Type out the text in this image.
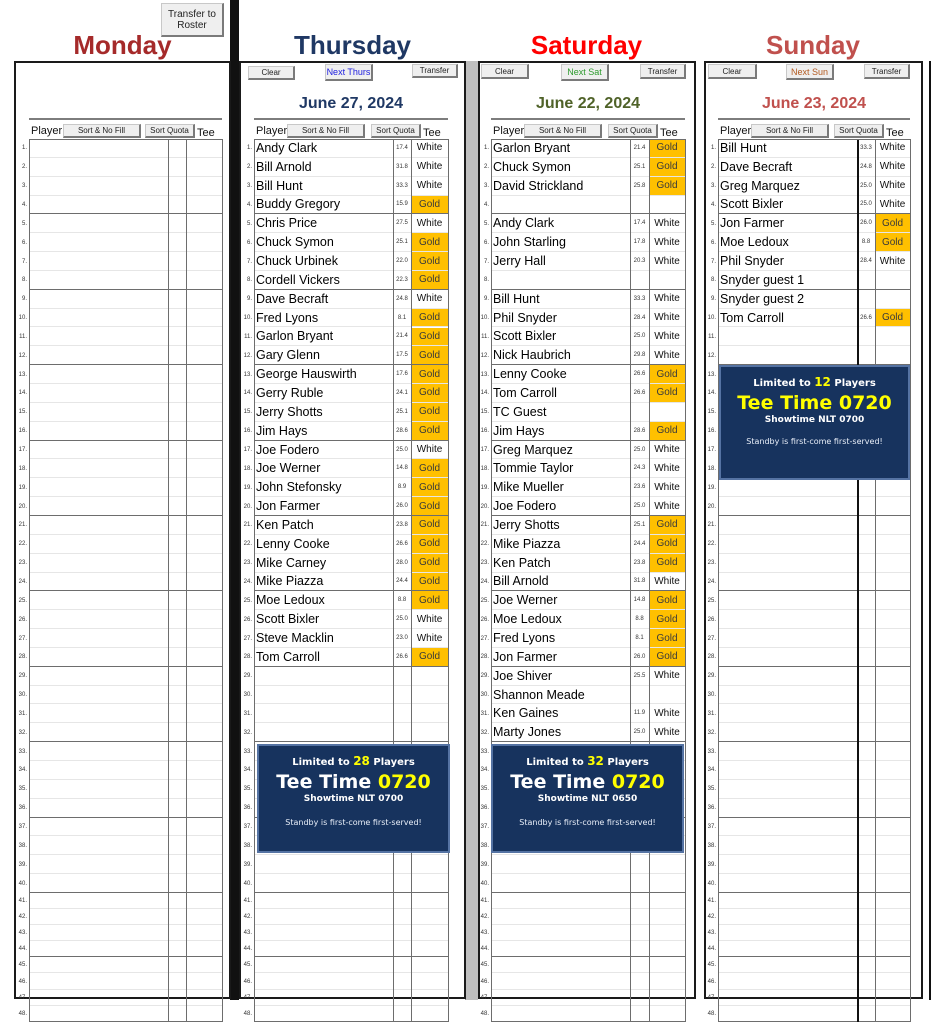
Transfer to
Roster
Monday	Thursday	Saturday	Sunday
Clear	Next Thurs	Transfer	Clear	Next Sat	Transfer	Clear	Next Sun	Transfer
June 27, 2024	June 22, 2024	June 23, 2024
Player Sort & No Fill	Sort Quota Tee	Player Sort & No Fill	Sort Quota Tee	Player Sort & No Fill	Sort Quota Tee	Player Sort & No Fill	Sort Quota Tee
1.
2.
3.
4.
5.
6.
7.
8.
9.
10.
11.
12.
13.
14.
15.
16.
17.
18.
19.
20.
21.
22.
23.
24.
25.
26.
27.
28.
29.
30.
31.
32.
33.
34.
35.
36.
37.
38.
39.
40.
41.
42.
43.
44.
45.
46.
47.
48.
1. Andy Clark	17.4 White
2. Bill Arnold	31.8 White
3. Bill Hunt	33.3 White
4. Buddy Gregory	15.9	Gold
5. Chris Price	27.5 White
6. Chuck Symon	25.1	Gold
7. Chuck Urbinek	22.0	Gold
8. Cordell Vickers	22.3	Gold
9. Dave Becraft	24.8 White
10. Fred Lyons	8.1	Gold
11. Garlon Bryant	21.4	Gold
12. Gary Glenn	17.5	Gold
13. George Hauswirth	17.6	Gold
14. Gerry Ruble	24.1	Gold
15. Jerry Shotts	25.1	Gold
16. Jim Hays	28.6	Gold
17. Joe Fodero	25.0 White
18. Joe Werner	14.8	Gold
19. John Stefonsky	8.9	Gold
20. Jon Farmer	26.0	Gold
21. Ken Patch	23.8	Gold
22. Lenny Cooke	26.6	Gold
23. Mike Carney	28.0	Gold
24. Mike Piazza	24.4	Gold
25. Moe Ledoux	8.8	Gold
26. Scott Bixler	25.0 White
27. Steve Macklin	23.0 White
28. Tom Carroll	26.6	Gold
29.
30.
31.
32.
33.
34.
35.
36.
37.
38.
39.
40.
41.
42.
43.
44.
45.
46.
47.
48.
1. Garlon Bryant	21.4	Gold
2. Chuck Symon	25.1	Gold
3. David Strickland	25.8	Gold
4.
5. Andy Clark	17.4 White
6. John Starling	17.8 White
7. Jerry Hall	20.3 White
8.
9. Bill Hunt	33.3 White
10. Phil Snyder	28.4 White
11. Scott Bixler	25.0 White
12. Nick Haubrich	29.8 White
13. Lenny Cooke	26.6	Gold
14. Tom Carroll	26.6	Gold
15. TC Guest
16. Jim Hays	28.6	Gold
17. Greg Marquez	25.0 White
18. Tommie Taylor	24.3 White
19. Mike Mueller	23.6 White
20. Joe Fodero	25.0 White
21. Jerry Shotts	25.1	Gold
22. Mike Piazza	24.4	Gold
23. Ken Patch	23.8	Gold
24. Bill Arnold	31.8 White
25. Joe Werner	14.8	Gold
26. Moe Ledoux	8.8	Gold
27. Fred Lyons	8.1	Gold
28. Jon Farmer	26.0	Gold
29. Joe Shiver	25.5 White
30. Shannon Meade
31. Ken Gaines	11.9 White
32. Marty Jones	25.0 White
33.
34.
35.
36.
37.
38.
39.
40.
41.
42.
43.
44.
45.
46.
47.
48.
1. Bill Hunt	33.3 White
2. Dave Becraft	24.8 White
3. Greg Marquez	25.0 White
4. Scott Bixler	25.0 White
5. Jon Farmer	26.0	Gold
6. Moe Ledoux	8.8	Gold
7. Phil Snyder	28.4 White
8. Snyder guest 1
9. Snyder guest 2
10. Tom Carroll	26.6	Gold
11.
12.
13.
14.
15.
16.
17.
18.
19.
20.
21.
22.
23.
24.
25.
26.
27.
28.
29.
30.
31.
32.
33.
34.
35.
36.
37.
38.
39.
40.
41.
42.
43.
44.
45.
46.
47.
48.
Limited to 28 Players
Tee Time 0720
Showtime NLT 0700
Standby is first-come first-served!
Limited to 32 Players
Tee Time 0720
Showtime NLT 0650
Standby is first-come first-served!
Limited to 12 Players
Tee Time 0720
Showtime NLT 0700
Standby is first-come first-served!
